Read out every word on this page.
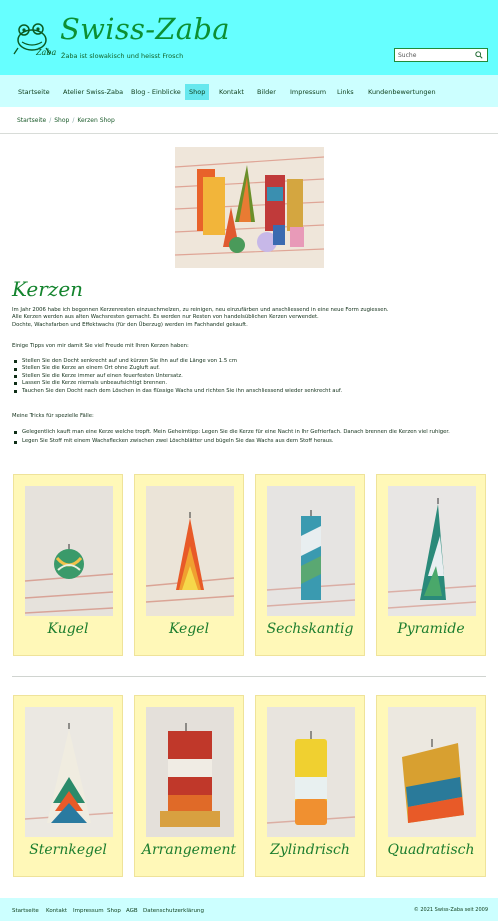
Žaba
Swiss-Zaba
Žaba ist slowakisch und heisst Frosch
Suche
Startseite	Atelier Swiss-Zaba	Blog - Einblicke	Shop	Kontakt	Bilder	Impressum	Links	Kundenbewertungen
Startseite / Shop / Kerzen Shop
Kerzen
Im Jahr 2006 habe ich begonnen Kerzenresten einzuschmelzen, zu reinigen, neu einzufärben und anschliessend in eine neue Form zugiessen.
Alle Kerzen werden aus alten Wachsresten gemacht. Es werden nur Resten von handelsüblichen Kerzen verwendet.
Dochte, Wachsfarben und Effektwachs (für den Überzug) werden im Fachhandel gekauft.
Einige Tipps von mir damit Sie viel Freude mit Ihren Kerzen haben:
Stellen Sie den Docht senkrecht auf und kürzen Sie ihn auf die Länge von 1.5 cm
Stellen Sie die Kerze an einem Ort ohne Zugluft auf.
Stellen Sie die Kerze immer auf einen feuerfesten Untersatz.
Lassen Sie die Kerze niemals unbeaufsichtigt brennen.
Tauchen Sie den Docht nach dem Löschen in das flüssige Wachs und richten Sie ihn anschliessend wieder senkrecht auf.
Meine Tricks für spezielle Fälle:
Gelegentlich kauft man eine Kerze welche tropft. Mein Geheimtipp: Legen Sie die Kerze für eine Nacht in Ihr Gefrierfach. Danach brennen die Kerzen viel ruhiger.
Legen Sie Stoff mit einem Wachsflecken zwischen zwei Löschblätter und bügeln Sie das Wachs aus dem Stoff heraus.
Kugel	Kegel	Sechskantig	Pyramide
Sternkegel	Arrangement	Zylindrisch	Quadratisch
Startseite Kontakt Impressum Shop AGB Datenschutzerklärung	© 2021 Swiss-Zaba seit 2009
